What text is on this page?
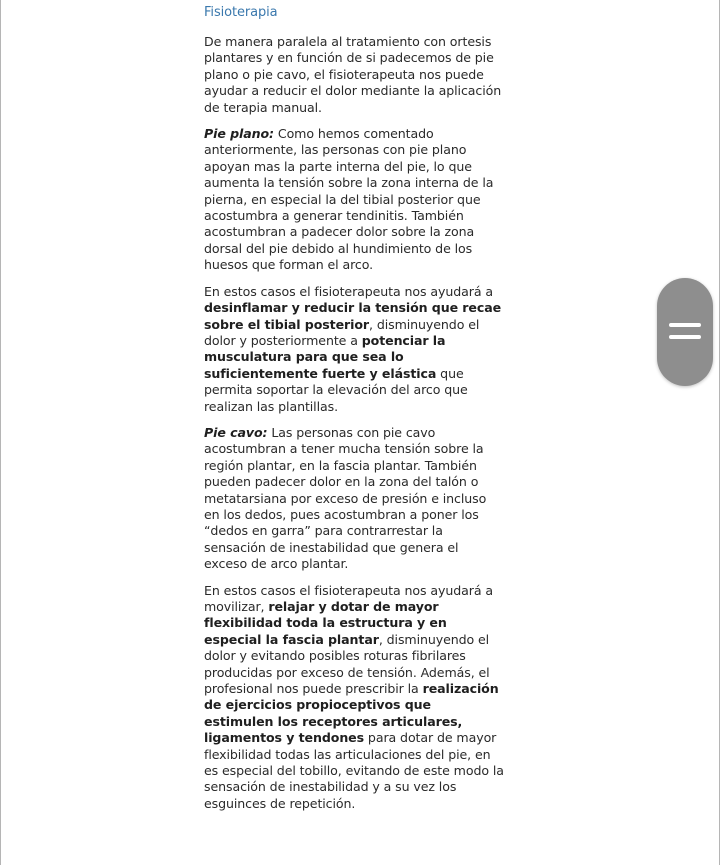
Fisioterapia

De manera paralela al tratamiento con ortesis plantares y en función de si padecemos de pie plano o pie cavo, el fisioterapeuta nos puede ayudar a reducir el dolor mediante la aplicación de terapia manual.

Pie plano: Como hemos comentado anteriormente, las personas con pie plano apoyan mas la parte interna del pie, lo que aumenta la tensión sobre la zona interna de la pierna, en especial la del tibial posterior que acostumbra a generar tendinitis. También acostumbran a padecer dolor sobre la zona dorsal del pie debido al hundimiento de los huesos que forman el arco.

En estos casos el fisioterapeuta nos ayudará a desinflamar y reducir la tensión que recae sobre el tibial posterior, disminuyendo el dolor y posteriormente a potenciar la musculatura para que sea lo suficientemente fuerte y elástica que permita soportar la elevación del arco que realizan las plantillas.

Pie cavo: Las personas con pie cavo acostumbran a tener mucha tensión sobre la región plantar, en la fascia plantar. También pueden padecer dolor en la zona del talón o metatarsiana por exceso de presión e incluso en los dedos, pues acostumbran a poner los “dedos en garra” para contrarrestar la sensación de inestabilidad que genera el exceso de arco plantar.

En estos casos el fisioterapeuta nos ayudará a movilizar, relajar y dotar de mayor flexibilidad toda la estructura y en especial la fascia plantar, disminuyendo el dolor y evitando posibles roturas fibrilares producidas por exceso de tensión. Además, el profesional nos puede prescribir la realización de ejercicios propioceptivos que estimulen los receptores articulares, ligamentos y tendones para dotar de mayor flexibilidad todas las articulaciones del pie, en es especial del tobillo, evitando de este modo la sensación de inestabilidad y a su vez los esguinces de repetición.
